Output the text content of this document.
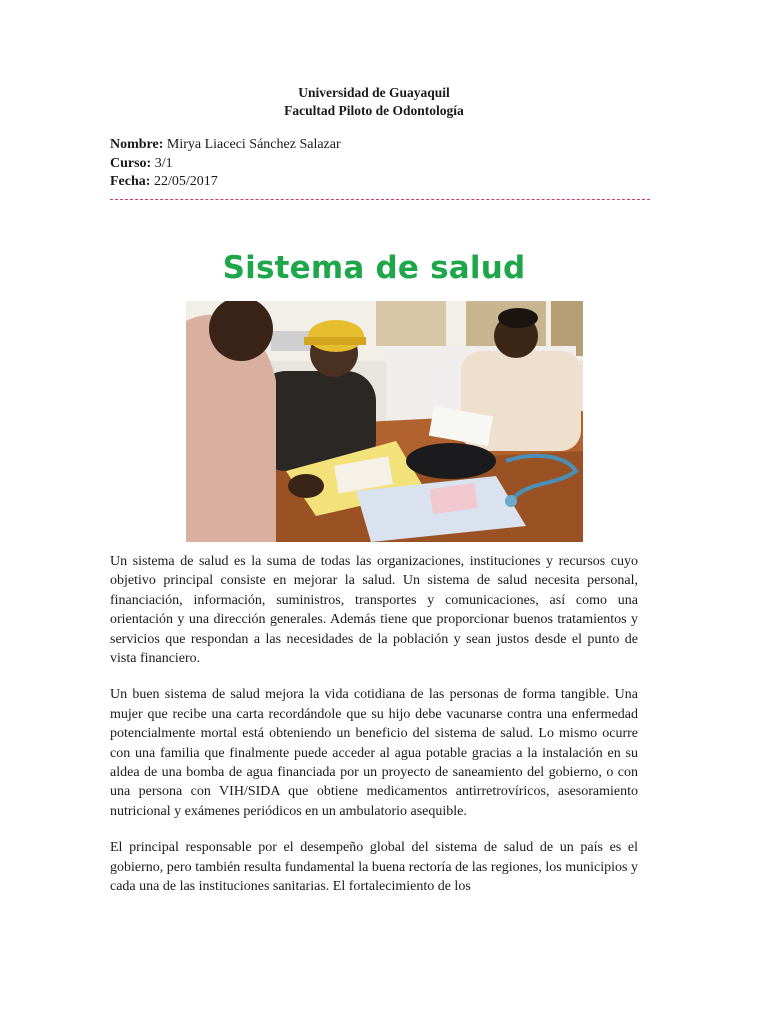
Universidad de Guayaquil
Facultad Piloto de Odontología
Nombre: Mirya Liaceci Sánchez Salazar
Curso: 3/1
Fecha: 22/05/2017
Sistema de salud

Un sistema de salud es la suma de todas las organizaciones, instituciones y recursos cuyo objetivo principal consiste en mejorar la salud. Un sistema de salud necesita personal, financiación, información, suministros, transportes y comunicaciones, así como una orientación y una dirección generales. Además tiene que proporcionar buenos tratamientos y servicios que respondan a las necesidades de la población y sean justos desde el punto de vista financiero.

Un buen sistema de salud mejora la vida cotidiana de las personas de forma tangible. Una mujer que recibe una carta recordándole que su hijo debe vacunarse contra una enfermedad potencialmente mortal está obteniendo un beneficio del sistema de salud. Lo mismo ocurre con una familia que finalmente puede acceder al agua potable gracias a la instalación en su aldea de una bomba de agua financiada por un proyecto de saneamiento del gobierno, o con una persona con VIH/SIDA que obtiene medicamentos antirretrovíricos, asesoramiento nutricional y exámenes periódicos en un ambulatorio asequible.

El principal responsable por el desempeño global del sistema de salud de un país es el gobierno, pero también resulta fundamental la buena rectoría de las regiones, los municipios y cada una de las instituciones sanitarias. El fortalecimiento de los
